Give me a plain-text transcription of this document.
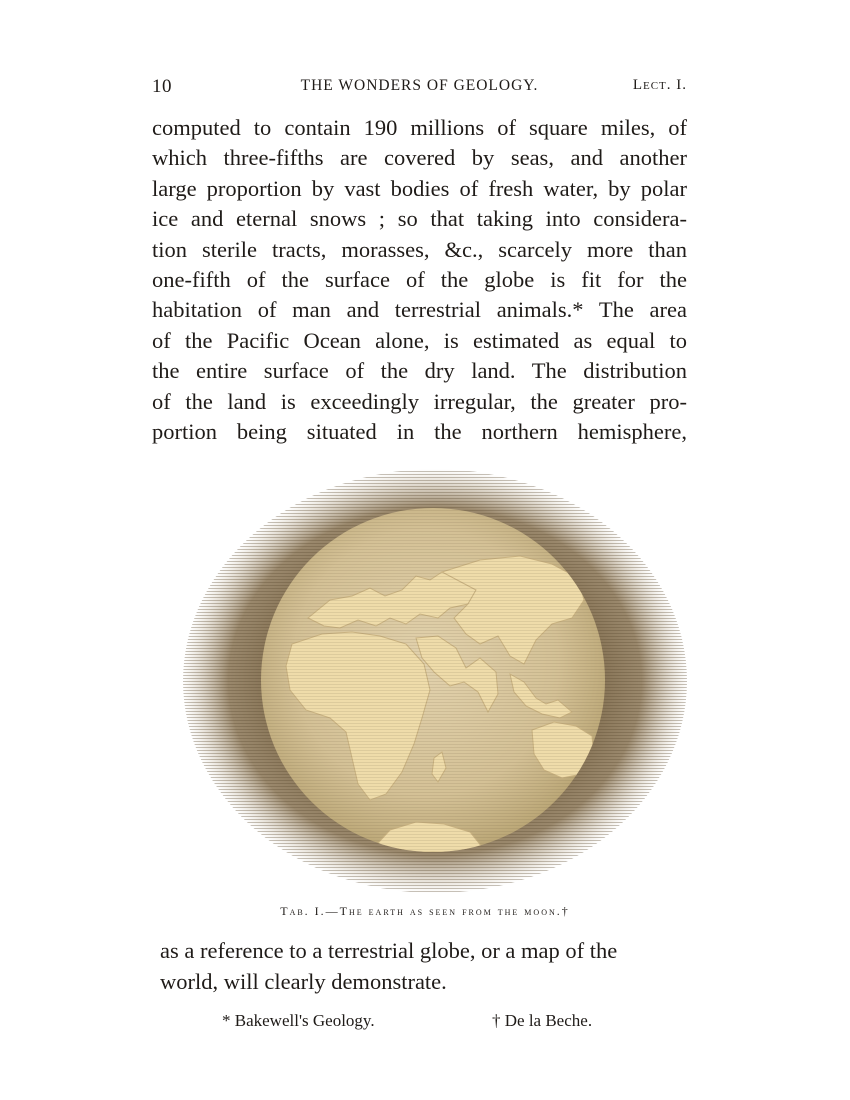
10	THE WONDERS OF GEOLOGY.	Lect. I.
computed to contain 190 millions of square miles, of
which three-fifths are covered by seas, and another
large proportion by vast bodies of fresh water, by polar
ice and eternal snows ; so that taking into considera-
tion sterile tracts, morasses, &c., scarcely more than
one-fifth of the surface of the globe is fit for the
habitation of man and terrestrial animals.* The area
of the Pacific Ocean alone, is estimated as equal to
the entire surface of the dry land. The distribution
of the land is exceedingly irregular, the greater pro-
portion being situated in the northern hemisphere,
Tab. I.—The earth as seen from the moon.†
as a reference to a terrestrial globe, or a map of the
world, will clearly demonstrate.
* Bakewell's Geology.	† De la Beche.
